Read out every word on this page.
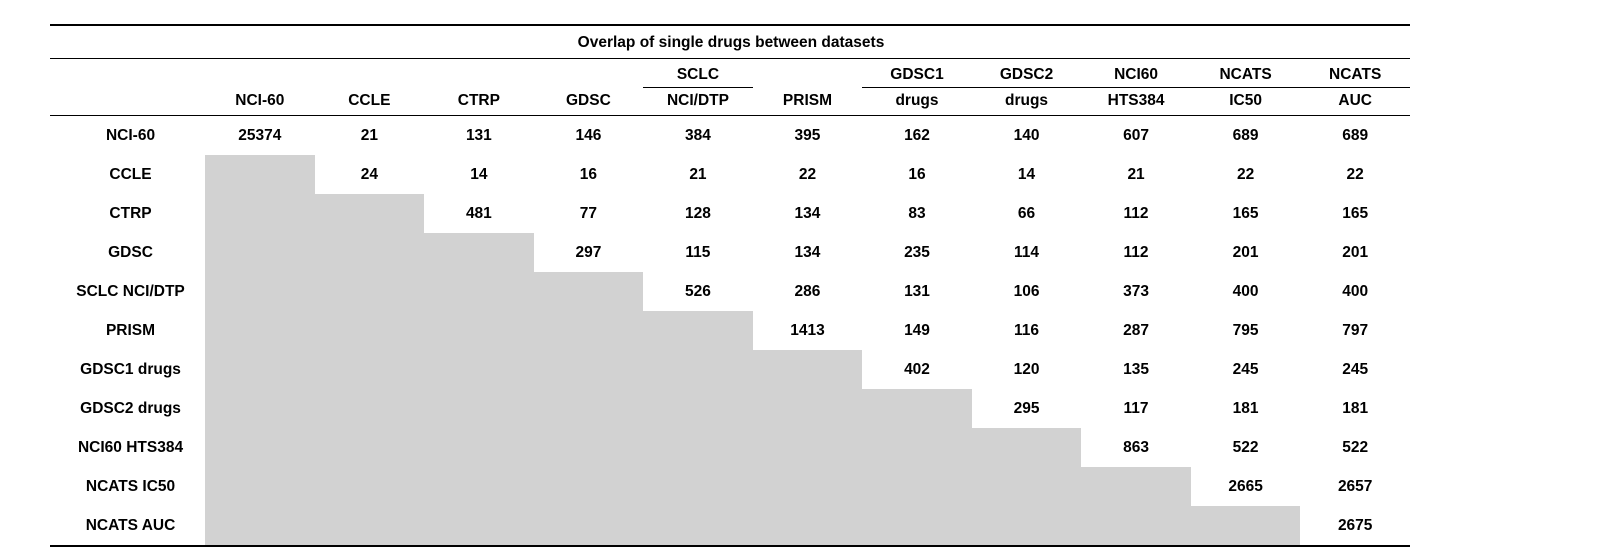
Overlap of single drugs between datasets											
					SCLC		GDSC1	GDSC2	NCI60	NCATS	NCATS
	NCI-60	CCLE	CTRP	GDSC	NCI/DTP	PRISM	drugs	drugs	HTS384	IC50	AUC
NCI-60	25374	21	131	146	384	395	162	140	607	689	689
CCLE		24	14	16	21	22	16	14	21	22	22
CTRP			481	77	128	134	83	66	112	165	165
GDSC				297	115	134	235	114	112	201	201
SCLC NCI/DTP					526	286	131	106	373	400	400
PRISM						1413	149	116	287	795	797
GDSC1 drugs							402	120	135	245	245
GDSC2 drugs								295	117	181	181
NCI60 HTS384									863	522	522
NCATS IC50										2665	2657
NCATS AUC											2675
